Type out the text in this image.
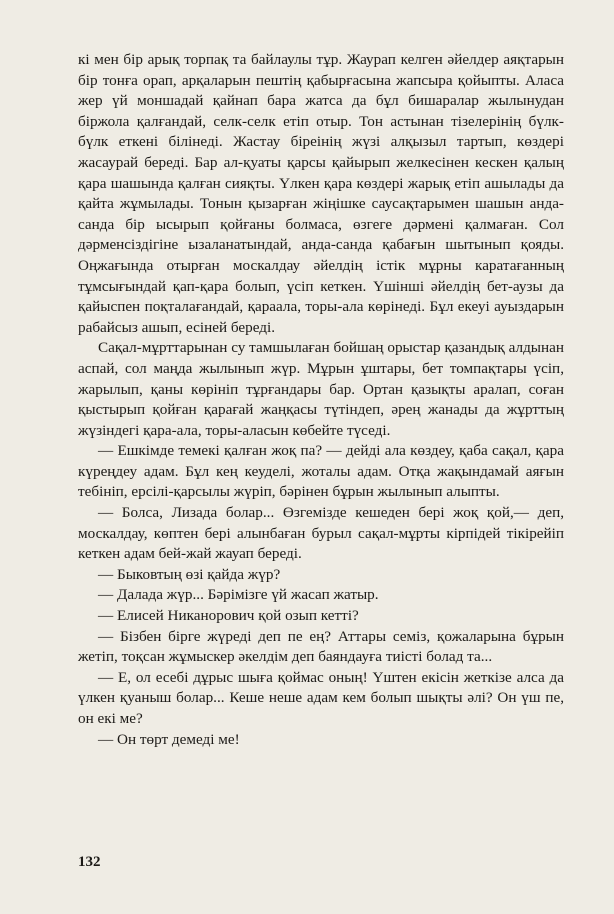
кі мен бір арық торпақ та байлаулы тұр. Жаурап келген әйелдер аяқтарын бір тонға орап, арқаларын пештің қабырғасына жапсыра қойыпты. Аласа жер үй моншадай қайнап бара жатса да бұл бишаралар жылынудан біржола қалғандай, селк-селк етіп отыр. Тон астынан тізелерінің бүлк-бүлк еткені білінеді. Жастау біреінің жүзі алқызыл тартып, көздері жасаурай береді. Бар ал-қуаты қарсы қайырып желкесінен кескен қалың қара шашында қалған сияқты. Үлкен қара көздері жарық етіп ашылады да қайта жұмылады. Тонын қызарған жіңішке саусақтарымен шашын анда-санда бір ысырып қойғаны болмаса, өзгеге дәрмені қалмаған. Сол дәрменсіздігіне ызаланатындай, анда-санда қабағын шытынып қояды. Оңжағында отырған москалдау әйелдің істік мұрны каратағанның тұмсығындай қап-қара болып, үсіп кеткен. Үшінші әйелдің бет-аузы да қайыспен поқталағандай, қараала, торы-ала көрінеді. Бұл екеуі ауыздарын рабайсыз ашып, есіней береді.

Сақал-мұрттарынан су тамшылаған бойшаң орыстар қазандық алдынан аспай, сол маңда жылынып жүр. Мұрын ұштары, бет томпақтары үсіп, жарылып, қаны көрініп тұрғандары бар. Ортан қазықты аралап, соған қыстырып қойған қарағай жаңқасы түтіндеп, әрең жанады да жұрттың жүзіндегі қара-ала, торы-аласын көбейте түседі.

— Ешкімде темекі қалған жоқ па? — дейді ала көздеу, қаба сақал, қара күреңдеу адам. Бұл кең кеуделі, жоталы адам. Отқа жақындамай аяғын тебініп, ерсілі-қарсылы жүріп, бәрінен бұрын жылынып алыпты.

— Болса, Лизада болар... Өзгемізде кешеден бері жоқ қой,— деп, москалдау, көптен бері алынбаған бурыл сақал-мұрты кірпідей тікірейіп кеткен адам бей-жай жауап береді.

— Быковтың өзі қайда жүр?

— Далада жүр... Бәрімізге үй жасап жатыр.

— Елисей Никанорович қой озып кетті?

— Бізбен бірге жүреді деп пе ең? Аттары семіз, қожаларына бұрын жетіп, тоқсан жұмыскер әкелдім деп баяндауға тиісті болад та...

— Е, ол есебі дұрыс шыға қоймас оның! Үштен екісін жеткізе алса да үлкен қуаныш болар... Кеше неше адам кем болып шықты әлі? Он үш пе, он екі ме?

— Он төрт демеді ме!

132
